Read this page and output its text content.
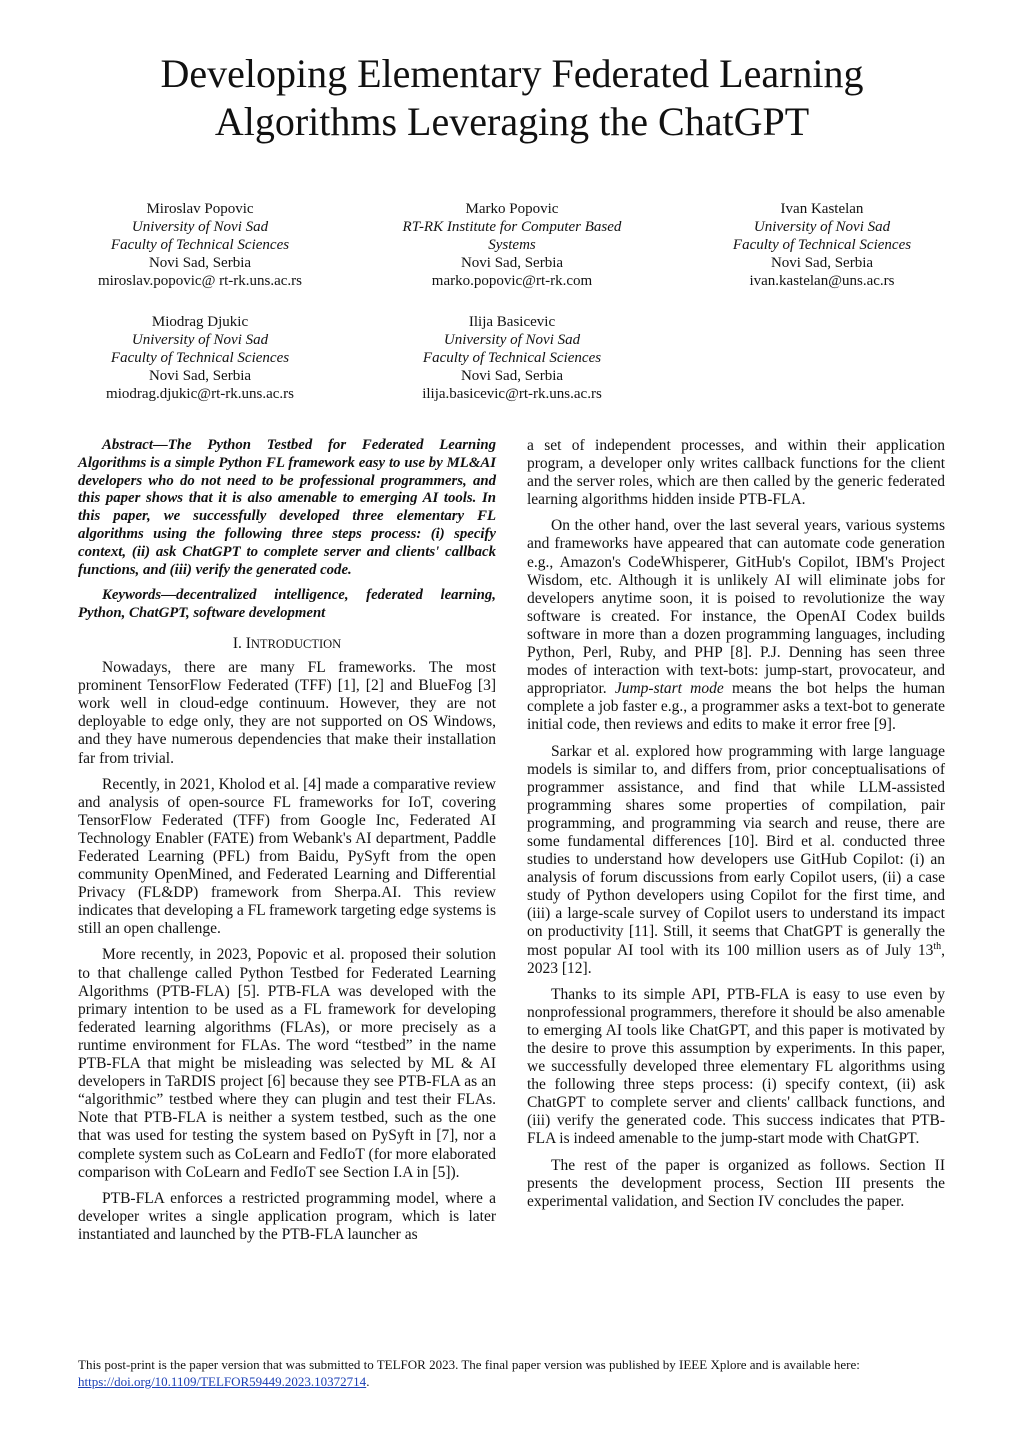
Developing Elementary Federated Learning
Algorithms Leveraging the ChatGPT
Miroslav Popovic
University of Novi Sad
Faculty of Technical Sciences
Novi Sad, Serbia
miroslav.popovic@ rt-rk.uns.ac.rs
Marko Popovic
RT-RK Institute for Computer Based
Systems
Novi Sad, Serbia
marko.popovic@rt-rk.com
Ivan Kastelan
University of Novi Sad
Faculty of Technical Sciences
Novi Sad, Serbia
ivan.kastelan@uns.ac.rs
Miodrag Djukic
University of Novi Sad
Faculty of Technical Sciences
Novi Sad, Serbia
miodrag.djukic@rt-rk.uns.ac.rs
Ilija Basicevic
University of Novi Sad
Faculty of Technical Sciences
Novi Sad, Serbia
ilija.basicevic@rt-rk.uns.ac.rs

Abstract—The Python Testbed for Federated Learning Algorithms is a simple Python FL framework easy to use by ML&AI developers who do not need to be professional programmers, and this paper shows that it is also amenable to emerging AI tools. In this paper, we successfully developed three elementary FL algorithms using the following three steps process: (i) specify context, (ii) ask ChatGPT to complete server and clients' callback functions, and (iii) verify the generated code.

Keywords—decentralized intelligence, federated learning, Python, ChatGPT, software development

I. INTRODUCTION

Nowadays, there are many FL frameworks. The most prominent TensorFlow Federated (TFF) [1], [2] and BlueFog [3] work well in cloud-edge continuum. However, they are not deployable to edge only, they are not supported on OS Windows, and they have numerous dependencies that make their installation far from trivial.

Recently, in 2021, Kholod et al. [4] made a comparative review and analysis of open-source FL frameworks for IoT, covering TensorFlow Federated (TFF) from Google Inc, Federated AI Technology Enabler (FATE) from Webank's AI department, Paddle Federated Learning (PFL) from Baidu, PySyft from the open community OpenMined, and Federated Learning and Differential Privacy (FL&DP) framework from Sherpa.AI. This review indicates that developing a FL framework targeting edge systems is still an open challenge.

More recently, in 2023, Popovic et al. proposed their solution to that challenge called Python Testbed for Federated Learning Algorithms (PTB-FLA) [5]. PTB-FLA was developed with the primary intention to be used as a FL framework for developing federated learning algorithms (FLAs), or more precisely as a runtime environment for FLAs. The word “testbed” in the name PTB-FLA that might be misleading was selected by ML & AI developers in TaRDIS project [6] because they see PTB-FLA as an “algorithmic” testbed where they can plugin and test their FLAs. Note that PTB-FLA is neither a system testbed, such as the one that was used for testing the system based on PySyft in [7], nor a complete system such as CoLearn and FedIoT (for more elaborated comparison with CoLearn and FedIoT see Section I.A in [5]).

PTB-FLA enforces a restricted programming model, where a developer writes a single application program, which is later instantiated and launched by the PTB-FLA launcher as

a set of independent processes, and within their application program, a developer only writes callback functions for the client and the server roles, which are then called by the generic federated learning algorithms hidden inside PTB-FLA.

On the other hand, over the last several years, various systems and frameworks have appeared that can automate code generation e.g., Amazon's CodeWhisperer, GitHub's Copilot, IBM's Project Wisdom, etc. Although it is unlikely AI will eliminate jobs for developers anytime soon, it is poised to revolutionize the way software is created. For instance, the OpenAI Codex builds software in more than a dozen programming languages, including Python, Perl, Ruby, and PHP [8]. P.J. Denning has seen three modes of interaction with text-bots: jump-start, provocateur, and appropriator. Jump-start mode means the bot helps the human complete a job faster e.g., a programmer asks a text-bot to generate initial code, then reviews and edits to make it error free [9].

Sarkar et al. explored how programming with large language models is similar to, and differs from, prior conceptualisations of programmer assistance, and find that while LLM-assisted programming shares some properties of compilation, pair programming, and programming via search and reuse, there are some fundamental differences [10]. Bird et al. conducted three studies to understand how developers use GitHub Copilot: (i) an analysis of forum discussions from early Copilot users, (ii) a case study of Python developers using Copilot for the first time, and (iii) a large-scale survey of Copilot users to understand its impact on productivity [11]. Still, it seems that ChatGPT is generally the most popular AI tool with its 100 million users as of July 13th, 2023 [12].

Thanks to its simple API, PTB-FLA is easy to use even by nonprofessional programmers, therefore it should be also amenable to emerging AI tools like ChatGPT, and this paper is motivated by the desire to prove this assumption by experiments. In this paper, we successfully developed three elementary FL algorithms using the following three steps process: (i) specify context, (ii) ask ChatGPT to complete server and clients' callback functions, and (iii) verify the generated code. This success indicates that PTB-FLA is indeed amenable to the jump-start mode with ChatGPT.

The rest of the paper is organized as follows. Section II presents the development process, Section III presents the experimental validation, and Section IV concludes the paper.

This post-print is the paper version that was submitted to TELFOR 2023. The final paper version was published by IEEE Xplore and is available here:
https://doi.org/10.1109/TELFOR59449.2023.10372714.
